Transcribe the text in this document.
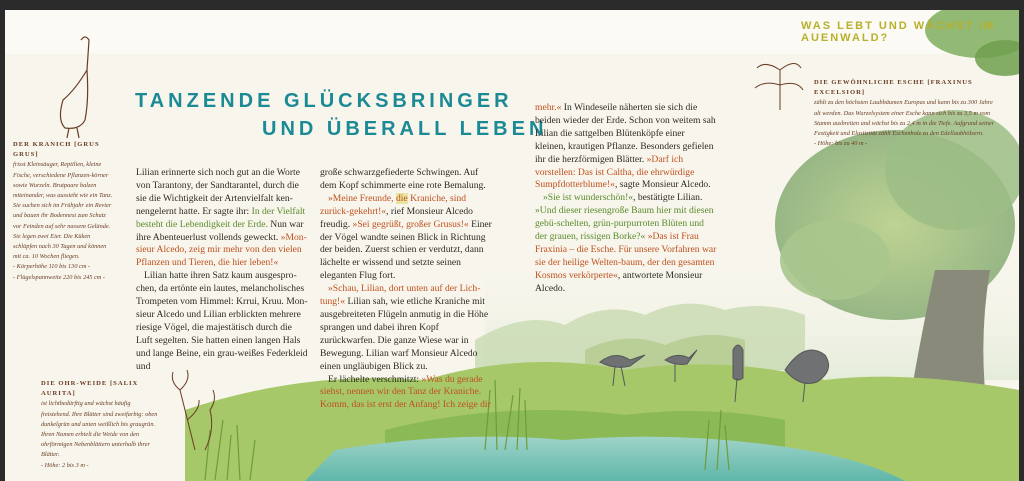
WAS LEBT UND WÄCHST IM AUENWALD?
TANZENDE GLÜCKSBRINGER
UND ÜBERALL LEBEN
DER KRANICH [GRUS GRUS]
frisst Kleinsäuger, Reptilien, kleine Fische, verschiedene Pflanzen-körner sowie Wurzeln. Brutpaare balzen miteinander, was aussieht wie ein Tanz. Sie suchen sich im Frühjahr ein Revier und bauen ihr Bodennest zum Schutz vor Feinden auf sehr nassem Gelände. Sie legen zwei Eier. Die Küken schlüpfen nach 30 Tagen und können mit ca. 10 Wochen fliegen.
- Körperhöhe 110 bis 130 cm -
- Flügelspannweite 220 bis 245 cm -
DIE OHR-WEIDE [SALIX AURITA]
ist lichtbedürftig und wächst häufig freistehend. Ihre Blätter sind zweifarbig: oben dunkelgrün und unten weißlich bis graugrün. Ihren Namen erhielt die Weide von den ohrförmigen Nebenblättern unterhalb ihrer Blätter.
- Höhe: 2 bis 3 m -
DIE GEWÖHNLICHE ESCHE [FRAXINUS EXCELSIOR]
zählt zu den höchsten Laubbäumen Europas und kann bis zu 300 Jahre alt werden. Das Wurzelsystem einer Esche kann sich bis zu 3,5 m vom Stamm ausbreiten und wächst bis zu 2,4 m in die Tiefe. Aufgrund seiner Festigkeit und Elastizität zählt Eschenholz zu den Edellaubhölzern.
- Höhe: bis zu 40 m -

Lilian erinnerte sich noch gut an die Worte von Tarantony, der Sandtarantel, durch die sie die Wichtigkeit der Artenvielfalt ken-nengelernt hatte. Er sagte ihr: In der Vielfalt besteht die Lebendigkeit der Erde. Nun war ihre Abenteuerlust vollends geweckt. »Mon-sieur Alcedo, zeig mir mehr von den vielen Pflanzen und Tieren, die hier leben!«

Lilian hatte ihren Satz kaum ausgespro-chen, da ertönte ein lautes, melancholisches Trompeten vom Himmel: Krrui, Kruu. Mon-sieur Alcedo und Lilian erblickten mehrere riesige Vögel, die majestätisch durch die Luft segelten. Sie hatten einen langen Hals und lange Beine, ein grau-weißes Federkleid und

große schwarzgefiederte Schwingen. Auf dem Kopf schimmerte eine rote Bemalung.

»Meine Freunde, die Kraniche, sind zurück-gekehrt!«, rief Monsieur Alcedo freudig. »Sei gegrüßt, großer Grusus!« Einer der Vögel wandte seinen Blick in Richtung der beiden. Zuerst schien er verdutzt, dann lächelte er wissend und setzte seinen eleganten Flug fort.

»Schau, Lilian, dort unten auf der Lich-tung!« Lilian sah, wie etliche Kraniche mit ausgebreiteten Flügeln anmutig in die Höhe sprangen und dabei ihren Kopf zurückwarfen. Die ganze Wiese war in Bewegung. Lilian warf Monsieur Alcedo einen ungläubigen Blick zu.

Er lächelte verschmitzt: »Was du gerade siehst, nennen wir den Tanz der Kraniche. Komm, das ist erst der Anfang! Ich zeige dir

mehr.« In Windeseile näherten sie sich die beiden wieder der Erde. Schon von weitem sah Lilian die sattgelben Blütenköpfe einer kleinen, krautigen Pflanze. Besonders gefielen ihr die herzförmigen Blätter. »Darf ich vorstellen: Das ist Caltha, die ehrwürdige Sumpfdotterblume!«, sagte Monsieur Alcedo.

»Sie ist wunderschön!«, bestätigte Lilian. »Und dieser riesengroße Baum hier mit diesen gebü-schelten, grün-purpurroten Blüten und der grauen, rissigen Borke?« »Das ist Frau Fraxinia – die Esche. Für unsere Vorfahren war sie der heilige Welten-baum, der den gesamten Kosmos verkörperte«, antwortete Monsieur Alcedo.
